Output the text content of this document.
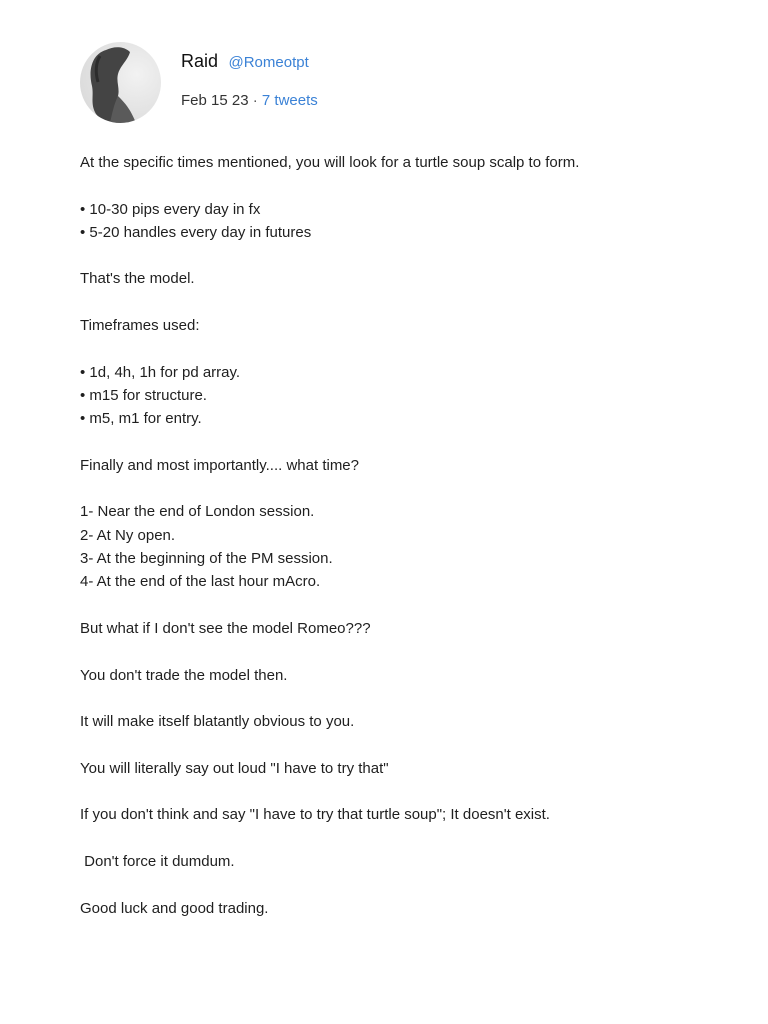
Raid @Romeotpt
Feb 15 23 · 7 tweets
At the specific times mentioned, you will look for a turtle soup scalp to form.
• 10-30 pips every day in fx
• 5-20 handles every day in futures
That's the model.
Timeframes used:
• 1d, 4h, 1h for pd array.
• m15 for structure.
• m5, m1 for entry.
Finally and most importantly.... what time?
1- Near the end of London session.
2- At Ny open.
3- At the beginning of the PM session.
4- At the end of the last hour mAcro.
But what if I don't see the model Romeo???
You don't trade the model then.
It will make itself blatantly obvious to you.
You will literally say out loud "I have to try that"
If you don't think and say "I have to try that turtle soup"; It doesn't exist.
Don't force it dumdum.
Good luck and good trading.
